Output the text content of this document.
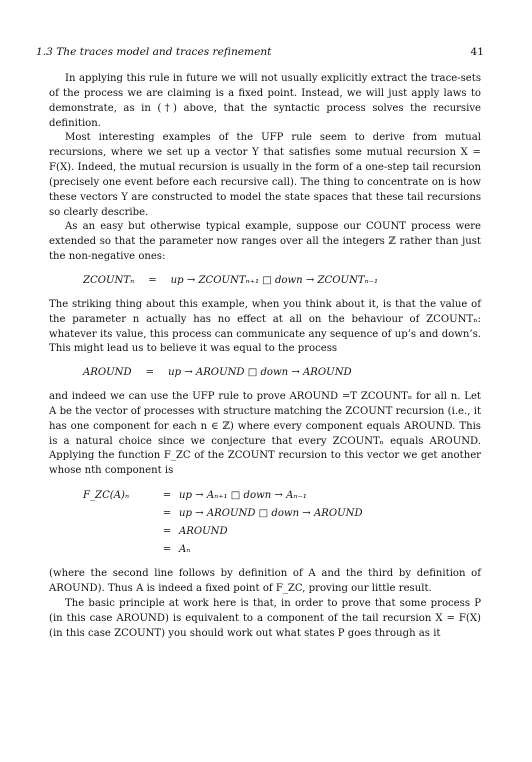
1.3 The traces model and traces refinement	41

In applying this rule in future we will not usually explicitly extract the trace-sets of the process we are claiming is a fixed point. Instead, we will just apply laws to demonstrate, as in (†) above, that the syntactic process solves the recursive definition.

Most interesting examples of the UFP rule seem to derive from mutual recursions, where we set up a vector Y that satisfies some mutual recursion X = F(X). Indeed, the mutual recursion is usually in the form of a one-step tail recursion (precisely one event before each recursive call). The thing to concentrate on is how these vectors Y are constructed to model the state spaces that these tail recursions so clearly describe.

As an easy but otherwise typical example, suppose our COUNT process were extended so that the parameter now ranges over all the integers ℤ rather than just the non-negative ones:

ZCOUNTₙ = up → ZCOUNTₙ₊₁ □ down → ZCOUNTₙ₋₁

The striking thing about this example, when you think about it, is that the value of the parameter n actually has no effect at all on the behaviour of ZCOUNTₙ: whatever its value, this process can communicate any sequence of up’s and down’s. This might lead us to believe it was equal to the process

AROUND = up → AROUND □ down → AROUND

and indeed we can use the UFP rule to prove AROUND =T ZCOUNTₙ for all n. Let A be the vector of processes with structure matching the ZCOUNT recursion (i.e., it has one component for each n ∈ ℤ) where every component equals AROUND. This is a natural choice since we conjecture that every ZCOUNTₙ equals AROUND. Applying the function F_ZC of the ZCOUNT recursion to this vector we get another whose nth component is

F_ZC(A)ₙ	= up → Aₙ₊₁ □ down → Aₙ₋₁
= up → AROUND □ down → AROUND
= AROUND
= Aₙ

(where the second line follows by definition of A and the third by definition of AROUND). Thus A is indeed a fixed point of F_ZC, proving our little result.

The basic principle at work here is that, in order to prove that some process P (in this case AROUND) is equivalent to a component of the tail recursion X = F(X) (in this case ZCOUNT) you should work out what states P goes through as it
